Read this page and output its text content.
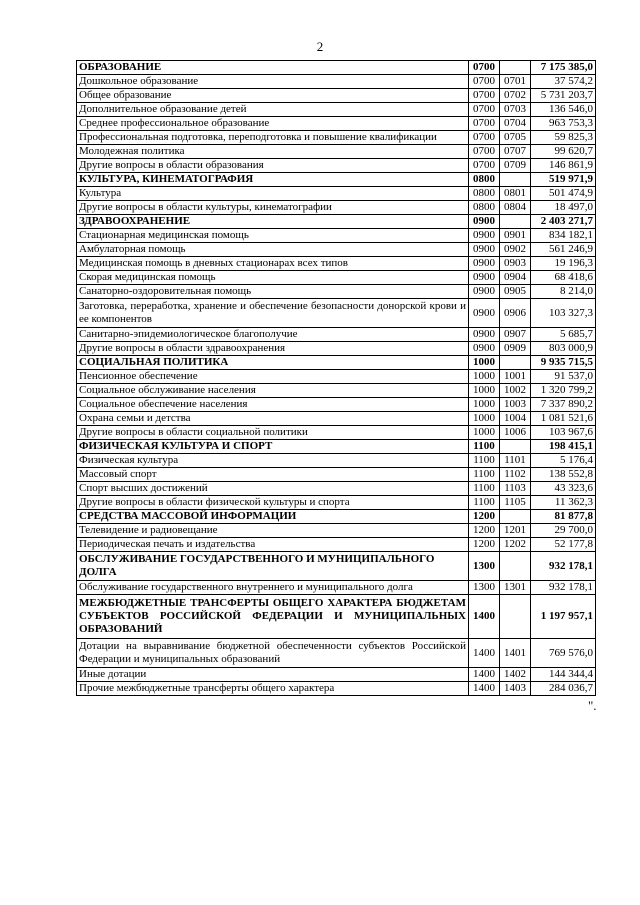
2
ОБРАЗОВАНИЕ	0700		7 175 385,0
Дошкольное образование	0700	0701	37 574,2
Общее образование	0700	0702	5 731 203,7
Дополнительное образование детей	0700	0703	136 546,0
Среднее профессиональное образование	0700	0704	963 753,3
Профессиональная подготовка, переподготовка и повышение квалификации	0700	0705	59 825,3
Молодежная политика	0700	0707	99 620,7
Другие вопросы в области образования	0700	0709	146 861,9
КУЛЬТУРА, КИНЕМАТОГРАФИЯ	0800		519 971,9
Культура	0800	0801	501 474,9
Другие вопросы в области культуры, кинематографии	0800	0804	18 497,0
ЗДРАВООХРАНЕНИЕ	0900		2 403 271,7
Стационарная медицинская помощь	0900	0901	834 182,1
Амбулаторная помощь	0900	0902	561 246,9
Медицинская помощь в дневных стационарах всех типов	0900	0903	19 196,3
Скорая медицинская помощь	0900	0904	68 418,6
Санаторно-оздоровительная помощь	0900	0905	8 214,0
Заготовка, переработка, хранение и обеспечение безопасности донорской крови и ее компонентов	0900	0906	103 327,3
Санитарно-эпидемиологическое благополучие	0900	0907	5 685,7
Другие вопросы в области здравоохранения	0900	0909	803 000,9
СОЦИАЛЬНАЯ ПОЛИТИКА	1000		9 935 715,5
Пенсионное обеспечение	1000	1001	91 537,0
Социальное обслуживание населения	1000	1002	1 320 799,2
Социальное обеспечение населения	1000	1003	7 337 890,2
Охрана семьи и детства	1000	1004	1 081 521,6
Другие вопросы в области социальной политики	1000	1006	103 967,6
ФИЗИЧЕСКАЯ КУЛЬТУРА И СПОРТ	1100		198 415,1
Физическая культура	1100	1101	5 176,4
Массовый спорт	1100	1102	138 552,8
Спорт высших достижений	1100	1103	43 323,6
Другие вопросы в области физической культуры и спорта	1100	1105	11 362,3
СРЕДСТВА МАССОВОЙ ИНФОРМАЦИИ	1200		81 877,8
Телевидение и радиовещание	1200	1201	29 700,0
Периодическая печать и издательства	1200	1202	52 177,8
ОБСЛУЖИВАНИЕ ГОСУДАРСТВЕННОГО И МУНИЦИПАЛЬНОГО ДОЛГА	1300		932 178,1
Обслуживание государственного внутреннего и муниципального долга	1300	1301	932 178,1
МЕЖБЮДЖЕТНЫЕ ТРАНСФЕРТЫ ОБЩЕГО ХАРАКТЕРА БЮДЖЕТАМ СУБЪЕКТОВ РОССИЙСКОЙ ФЕДЕРАЦИИ И МУНИЦИПАЛЬНЫХ ОБРАЗОВАНИЙ	1400		1 197 957,1
Дотации на выравнивание бюджетной обеспеченности субъектов Российской Федерации и муниципальных образований	1400	1401	769 576,0
Иные дотации	1400	1402	144 344,4
Прочие межбюджетные трансферты общего характера	1400	1403	284 036,7
".
